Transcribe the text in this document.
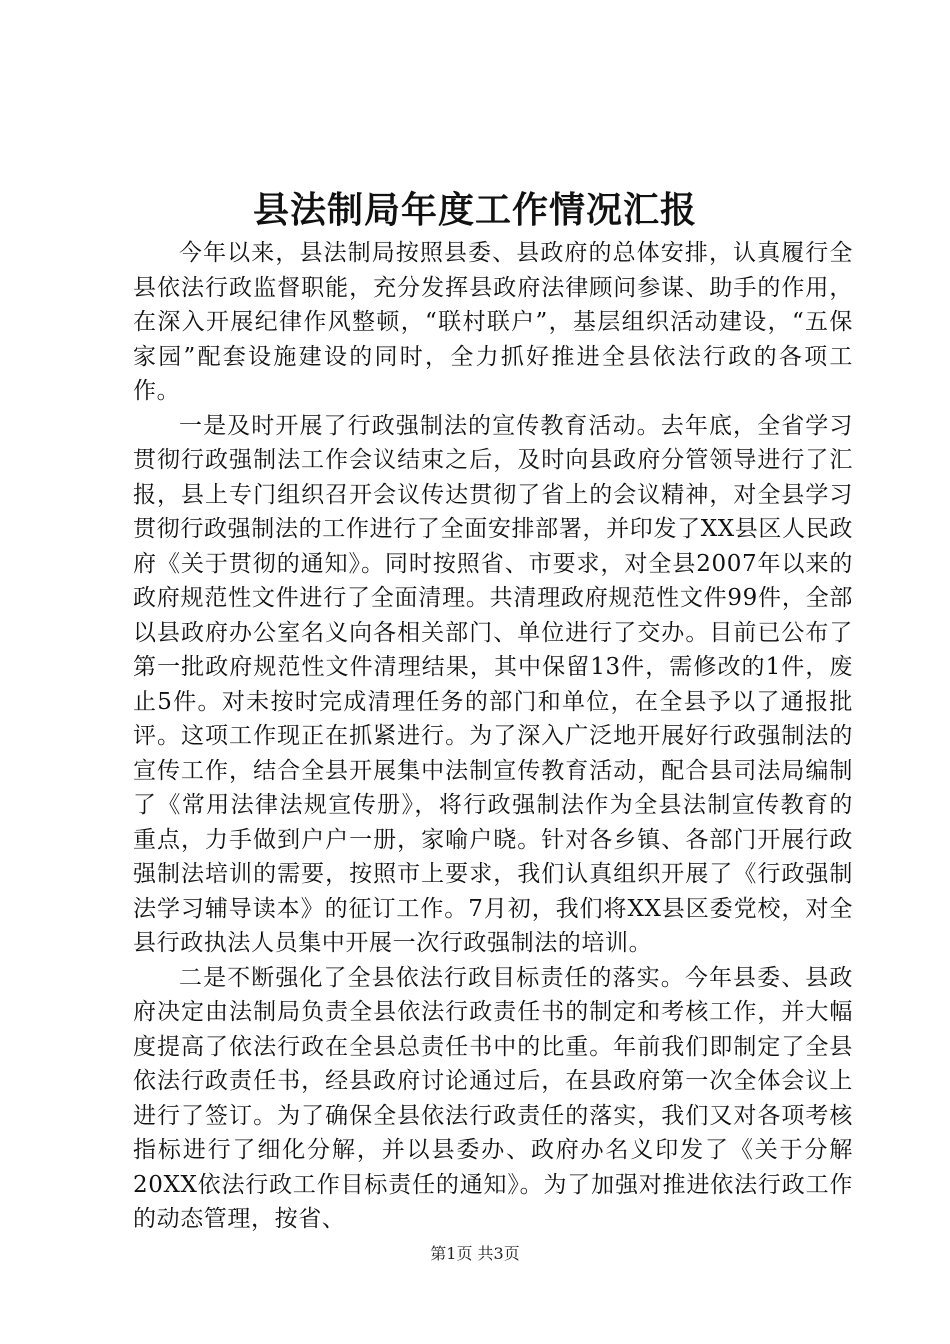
县法制局年度工作情况汇报

今年以来，县法制局按照县委、县政府的总体安排，认真履行全县依法行政监督职能，充分发挥县政府法律顾问参谋、助手的作用，在深入开展纪律作风整顿，“联村联户”，基层组织活动建设，“五保家园”配套设施建设的同时，全力抓好推进全县依法行政的各项工作。

一是及时开展了行政强制法的宣传教育活动。去年底，全省学习贯彻行政强制法工作会议结束之后，及时向县政府分管领导进行了汇报，县上专门组织召开会议传达贯彻了省上的会议精神，对全县学习贯彻行政强制法的工作进行了全面安排部署，并印发了XX县区人民政府《关于贯彻的通知》。同时按照省、市要求，对全县2007年以来的政府规范性文件进行了全面清理。共清理政府规范性文件99件，全部以县政府办公室名义向各相关部门、单位进行了交办。目前已公布了第一批政府规范性文件清理结果，其中保留13件，需修改的1件，废止5件。对未按时完成清理任务的部门和单位，在全县予以了通报批评。这项工作现正在抓紧进行。为了深入广泛地开展好行政强制法的宣传工作，结合全县开展集中法制宣传教育活动，配合县司法局编制了《常用法律法规宣传册》，将行政强制法作为全县法制宣传教育的重点，力手做到户户一册，家喻户晓。针对各乡镇、各部门开展行政强制法培训的需要，按照市上要求，我们认真组织开展了《行政强制法学习辅导读本》的征订工作。7月初，我们将XX县区委党校，对全县行政执法人员集中开展一次行政强制法的培训。

二是不断强化了全县依法行政目标责任的落实。今年县委、县政府决定由法制局负责全县依法行政责任书的制定和考核工作，并大幅度提高了依法行政在全县总责任书中的比重。年前我们即制定了全县依法行政责任书，经县政府讨论通过后，在县政府第一次全体会议上进行了签订。为了确保全县依法行政责任的落实，我们又对各项考核指标进行了细化分解，并以县委办、政府办名义印发了《关于分解20XX依法行政工作目标责任的通知》。为了加强对推进依法行政工作的动态管理，按省、

第1页 共3页
